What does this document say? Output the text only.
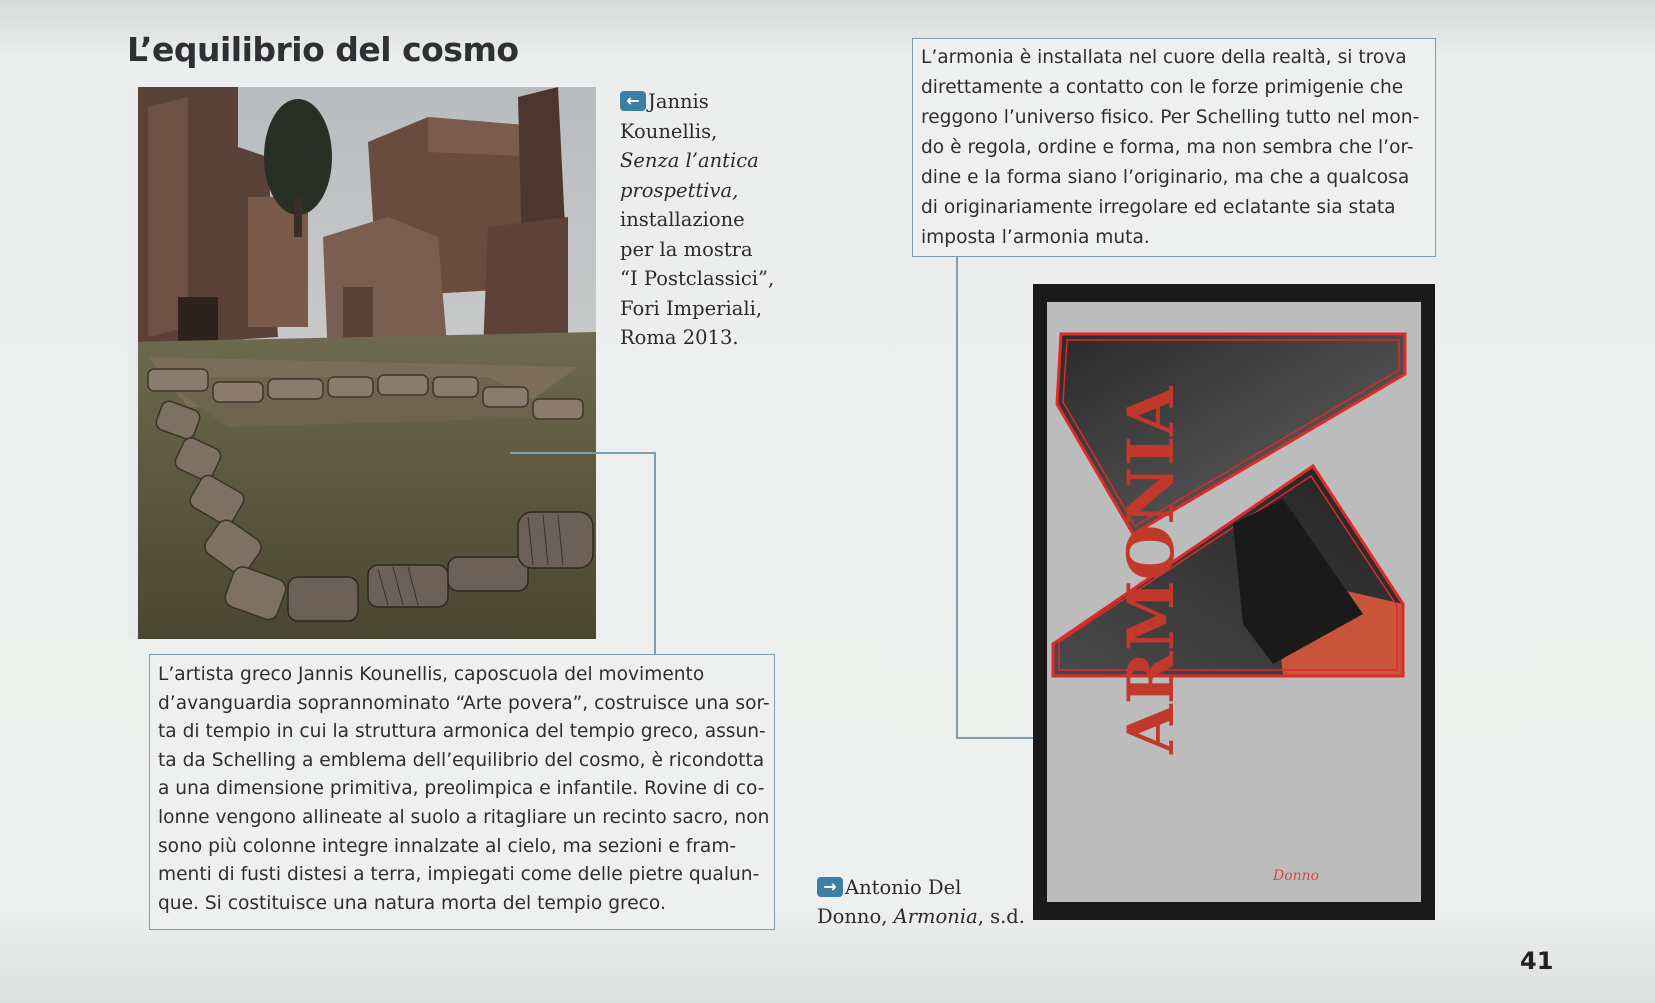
L’equilibrio del cosmo
← Jannis
Kounellis,
Senza l’antica
prospettiva,
installazione
per la mostra
“I Postclassici”,
Fori Imperiali,
Roma 2013.
L’artista greco Jannis Kounellis, caposcuola del movimento
d’avanguardia soprannominato “Arte povera”, costruisce una sor-
ta di tempio in cui la struttura armonica del tempio greco, assun-
ta da Schelling a emblema dell’equilibrio del cosmo, è ricondotta
a una dimensione primitiva, preolimpica e infantile. Rovine di co-
lonne vengono allineate al suolo a ritagliare un recinto sacro, non
sono più colonne integre innalzate al cielo, ma sezioni e fram-
menti di fusti distesi a terra, impiegati come delle pietre qualun-
que. Si costituisce una natura morta del tempio greco.
L’armonia è installata nel cuore della realtà, si trova
direttamente a contatto con le forze primigenie che
reggono l’universo fisico. Per Schelling tutto nel mon-
do è regola, ordine e forma, ma non sembra che l’or-
dine e la forma siano l’originario, ma che a qualcosa
di originariamente irregolare ed eclatante sia stata
imposta l’armonia muta.
ARMONIA
Donno
→ Antonio Del
Donno, Armonia, s.d.
41
